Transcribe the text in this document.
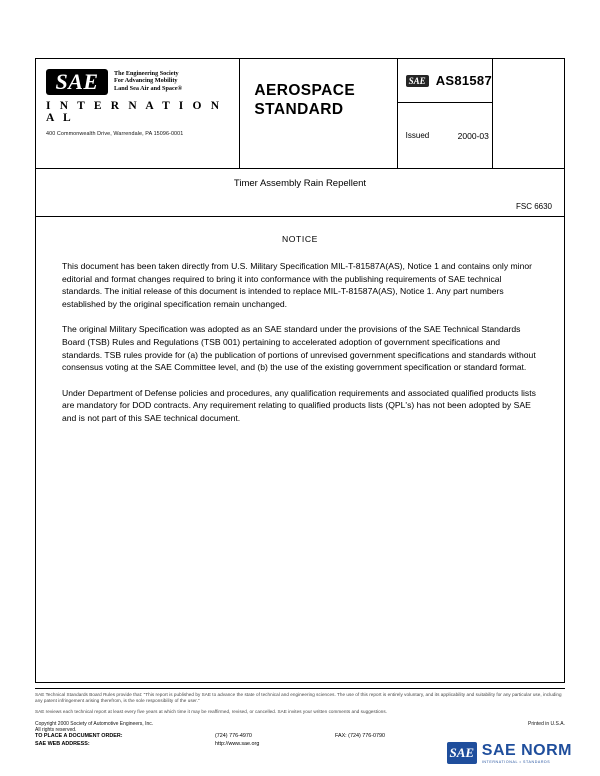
SAE	The Engineering Society
For Advancing Mobility
Land Sea Air and Space®
I N T E R N A T I O N A L
400 Commonwealth Drive, Warrendale, PA 15096-0001
AEROSPACE
STANDARD
SAE AS81587
Issued	2000-03
Timer Assembly Rain Repellent
FSC 6630
NOTICE

This document has been taken directly from U.S. Military Specification MIL-T-81587A(AS), Notice 1 and contains only minor editorial and format changes required to bring it into conformance with the publishing requirements of SAE technical standards. The initial release of this document is intended to replace MIL-T-81587A(AS), Notice 1. Any part numbers established by the original specification remain unchanged.

The original Military Specification was adopted as an SAE standard under the provisions of the SAE Technical Standards Board (TSB) Rules and Regulations (TSB 001) pertaining to accelerated adoption of government specifications and standards. TSB rules provide for (a) the publication of portions of unrevised government specifications and standards without consensus voting at the SAE Committee level, and (b) the use of the existing government specification or standard format.

Under Department of Defense policies and procedures, any qualification requirements and associated qualified products lists are mandatory for DOD contracts. Any requirement relating to qualified products lists (QPL's) has not been adopted by SAE and is not part of this SAE technical document.

SAE Technical Standards Board Rules provide that: "This report is published by SAE to advance the state of technical and engineering sciences. The use of this report is entirely voluntary, and its applicability and suitability for any particular use, including any patent infringement arising therefrom, is the sole responsibility of the user."
SAE reviews each technical report at least every five years at which time it may be reaffirmed, revised, or cancelled. SAE invites your written comments and suggestions.
Printed in U.S.A.
Copyright 2000 Society of Automotive Engineers, Inc.
All rights reserved.
TO PLACE A DOCUMENT ORDER:
SAE WEB ADDRESS:
(724) 776-4970
http://www.sae.org
FAX: (724) 776-0790
SAE SAE NORM
INTERNATIONAL • STANDARDS
